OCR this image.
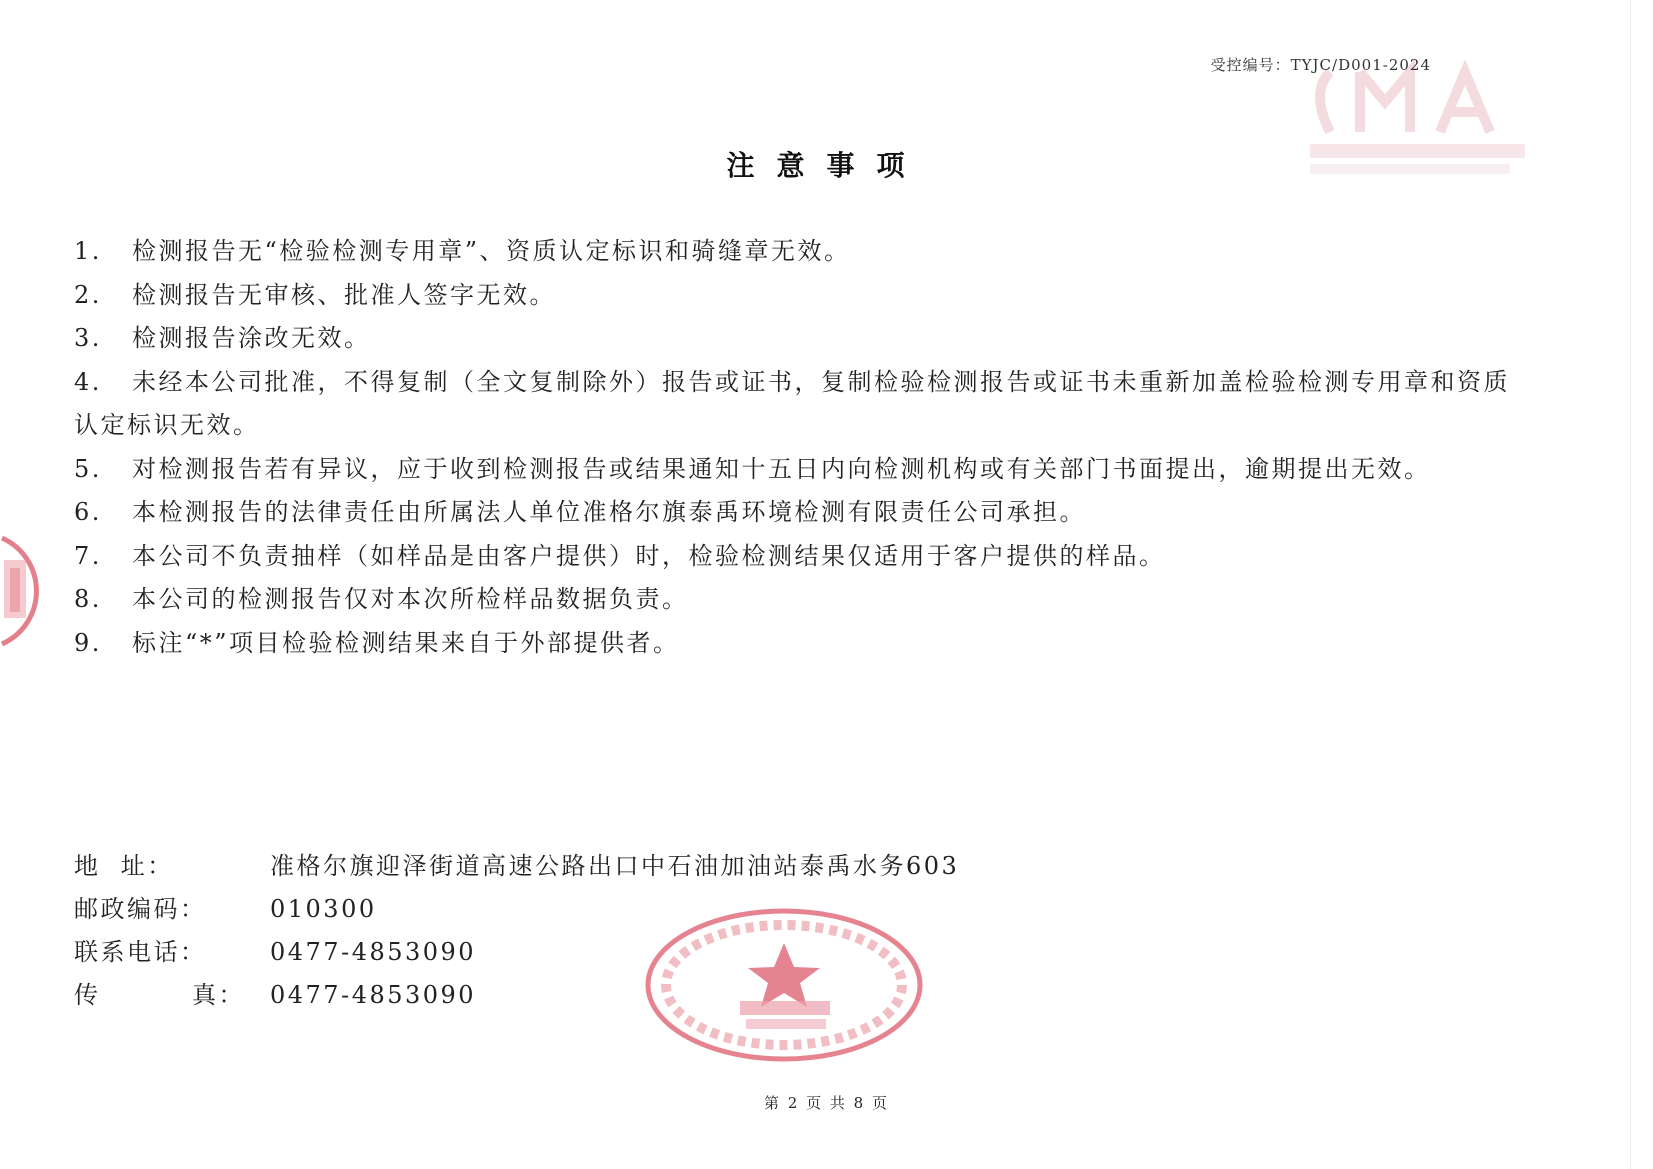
受控编号：TYJC/D001-2024
注意事项

1. 检测报告无“检验检测专用章”、资质认定标识和骑缝章无效。

2. 检测报告无审核、批准人签字无效。

3. 检测报告涂改无效。

4. 未经本公司批准，不得复制（全文复制除外）报告或证书，复制检验检测报告或证书未重新加盖检验检测专用章和资质认定标识无效。

5. 对检测报告若有异议，应于收到检测报告或结果通知十五日内向检测机构或有关部门书面提出，逾期提出无效。

6. 本检测报告的法律责任由所属法人单位准格尔旗泰禹环境检测有限责任公司承担。

7. 本公司不负责抽样（如样品是由客户提供）时，检验检测结果仅适用于客户提供的样品。

8. 本公司的检测报告仅对本次所检样品数据负责。

9. 标注“*”项目检验检测结果来自于外部提供者。

地  址：	准格尔旗迎泽街道高速公路出口中石油加油站泰禹水务603
邮政编码：	010300
联系电话：	0477-4853090
传	真： 0477-4853090
第 2 页 共 8 页
